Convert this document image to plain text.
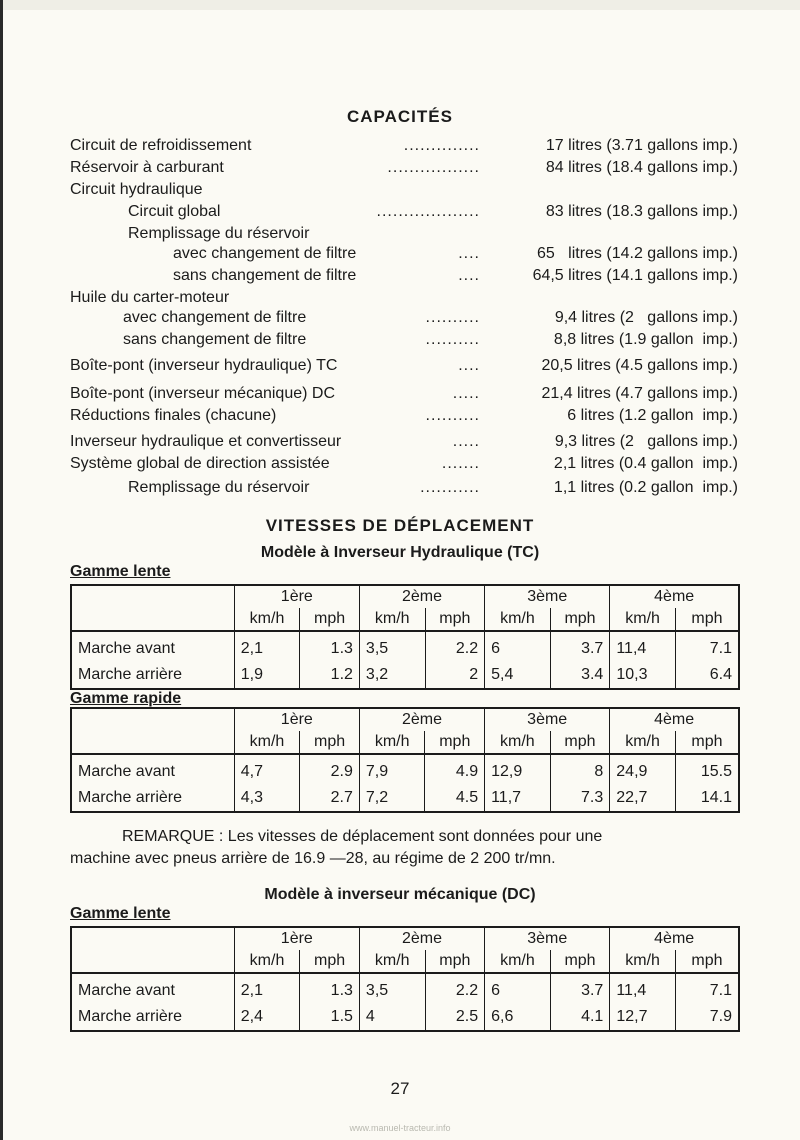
CAPACITÉS
Circuit de refroidissement	..............	17 litres (3.71 gallons imp.)
Réservoir à carburant	.................	84 litres (18.4 gallons imp.)
Circuit hydraulique
Circuit global	...................	83 litres (18.3 gallons imp.)
Remplissage du réservoir
avec changement de filtre	....	65   litres (14.2 gallons imp.)
sans changement de filtre	....	64,5 litres (14.1 gallons imp.)
Huile du carter-moteur
avec changement de filtre	..........	9,4 litres (2   gallons imp.)
sans changement de filtre	..........	8,8 litres (1.9 gallon  imp.)
Boîte-pont (inverseur hydraulique) TC	....	20,5 litres (4.5 gallons imp.)
Boîte-pont (inverseur mécanique) DC	.....	21,4 litres (4.7 gallons imp.)
Réductions finales (chacune)	..........	6 litres (1.2 gallon  imp.)
Inverseur hydraulique et convertisseur	.....	9,3 litres (2   gallons imp.)
Système global de direction assistée	.......	2,1 litres (0.4 gallon  imp.)
Remplissage du réservoir	...........	1,1 litres (0.2 gallon  imp.)
VITESSES DE DÉPLACEMENT
Modèle à Inverseur Hydraulique (TC)
Gamme lente
	1ère		2ème		3ème		4ème	
	km/h	mph	km/h	mph	km/h	mph	km/h	mph
Marche avant	2,1	1.3	3,5	2.2	6	3.7	11,4	7.1
Marche arrière	1,9	1.2	3,2	2	5,4	3.4	10,3	6.4
Gamme rapide
	1ère		2ème		3ème		4ème	
	km/h	mph	km/h	mph	km/h	mph	km/h	mph
Marche avant	4,7	2.9	7,9	4.9	12,9	8	24,9	15.5
Marche arrière	4,3	2.7	7,2	4.5	11,7	7.3	22,7	14.1
REMARQUE : Les vitesses de déplacement sont données pour une
machine avec pneus arrière de 16.9 —28, au régime de 2 200 tr/mn.
Modèle à inverseur mécanique (DC)
Gamme lente
	1ère		2ème		3ème		4ème	
	km/h	mph	km/h	mph	km/h	mph	km/h	mph
Marche avant	2,1	1.3	3,5	2.2	6	3.7	11,4	7.1
Marche arrière	2,4	1.5	4	2.5	6,6	4.1	12,7	7.9
27
www.manuel-tracteur.info
